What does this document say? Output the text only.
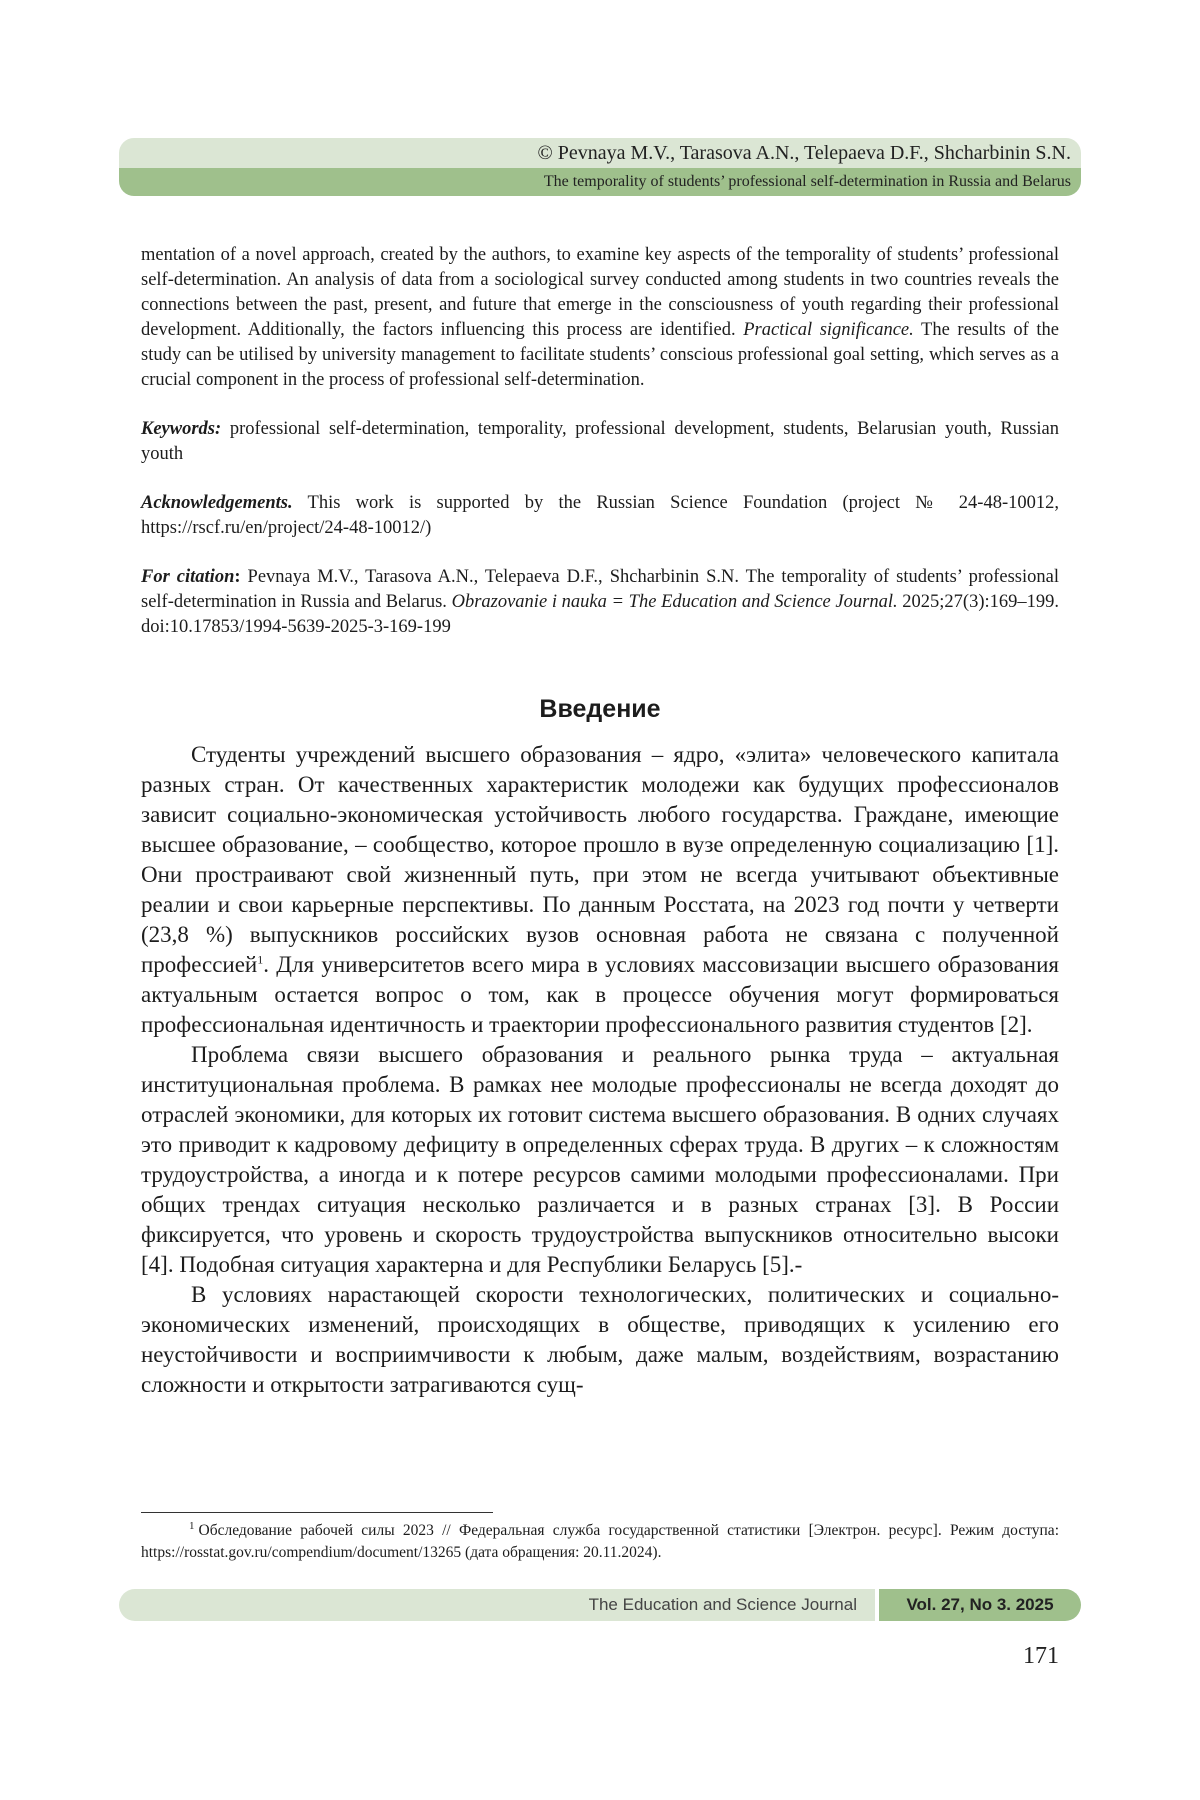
© Pevnaya M.V., Tarasova A.N., Telepaeva D.F., Shcharbinin S.N.
The temporality of students’ professional self-determination in Russia and Belarus

mentation of a novel approach, created by the authors, to examine key aspects of the temporality of students’ professional self-determination. An analysis of data from a sociological survey conducted among students in two countries reveals the connections between the past, present, and future that emerge in the consciousness of youth regarding their professional development. Additionally, the factors influencing this process are identified. Practical significance. The results of the study can be utilised by university management to facilitate students’ conscious professional goal setting, which serves as a crucial component in the process of professional self-determination.

Keywords: professional self-determination, temporality, professional development, students, Belarusian youth, Russian youth

Acknowledgements. This work is supported by the Russian Science Foundation (project № 24-48-10012, https://rscf.ru/en/project/24-48-10012/)

For citation: Pevnaya M.V., Tarasova A.N., Telepaeva D.F., Shcharbinin S.N. The temporality of students’ professional self-determination in Russia and Belarus. Obrazovanie i nauka = The Education and Science Journal. 2025;27(3):169–199. doi:10.17853/1994-5639-2025-3-169-199

Введение

Студенты учреждений высшего образования – ядро, «элита» человеческого капитала разных стран. От качественных характеристик молодежи как будущих профессионалов зависит социально-экономическая устойчивость любого государства. Граждане, имеющие высшее образование, – сообщество, которое прошло в вузе определенную социализацию [1]. Они простраивают свой жизненный путь, при этом не всегда учитывают объективные реалии и свои карьерные перспективы. По данным Росстата, на 2023 год почти у четверти (23,8 %) выпускников российских вузов основная работа не связана с полученной профессией$^1$. Для университетов всего мира в условиях массовизации высшего образования актуальным остается вопрос о том, как в процессе обучения могут формироваться профессиональная идентичность и траектории профессионального развития студентов [2].

Проблема связи высшего образования и реального рынка труда – актуальная институциональная проблема. В рамках нее молодые профессионалы не всегда доходят до отраслей экономики, для которых их готовит система высшего образования. В одних случаях это приводит к кадровому дефициту в определенных сферах труда. В других – к сложностям трудоустройства, а иногда и к потере ресурсов самими молодыми профессионалами. При общих трендах ситуация несколько различается и в разных странах [3]. В России фиксируется, что уровень и скорость трудоустройства выпускников относительно высоки [4]. Подобная ситуация характерна и для Республики Беларусь [5].-

В условиях нарастающей скорости технологических, политических и социально-экономических изменений, происходящих в обществе, приводящих к усилению его неустойчивости и восприимчивости к любым, даже малым, воздействиям, возрастанию сложности и открытости затрагиваются сущ-

$^1$ Обследование рабочей силы 2023 // Федеральная служба государственной статистики [Электрон. ресурс]. Режим доступа: https://rosstat.gov.ru/compendium/document/13265 (дата обращения: 20.11.2024).
The Education and Science Journal	Vol. 27, No 3. 2025
171
